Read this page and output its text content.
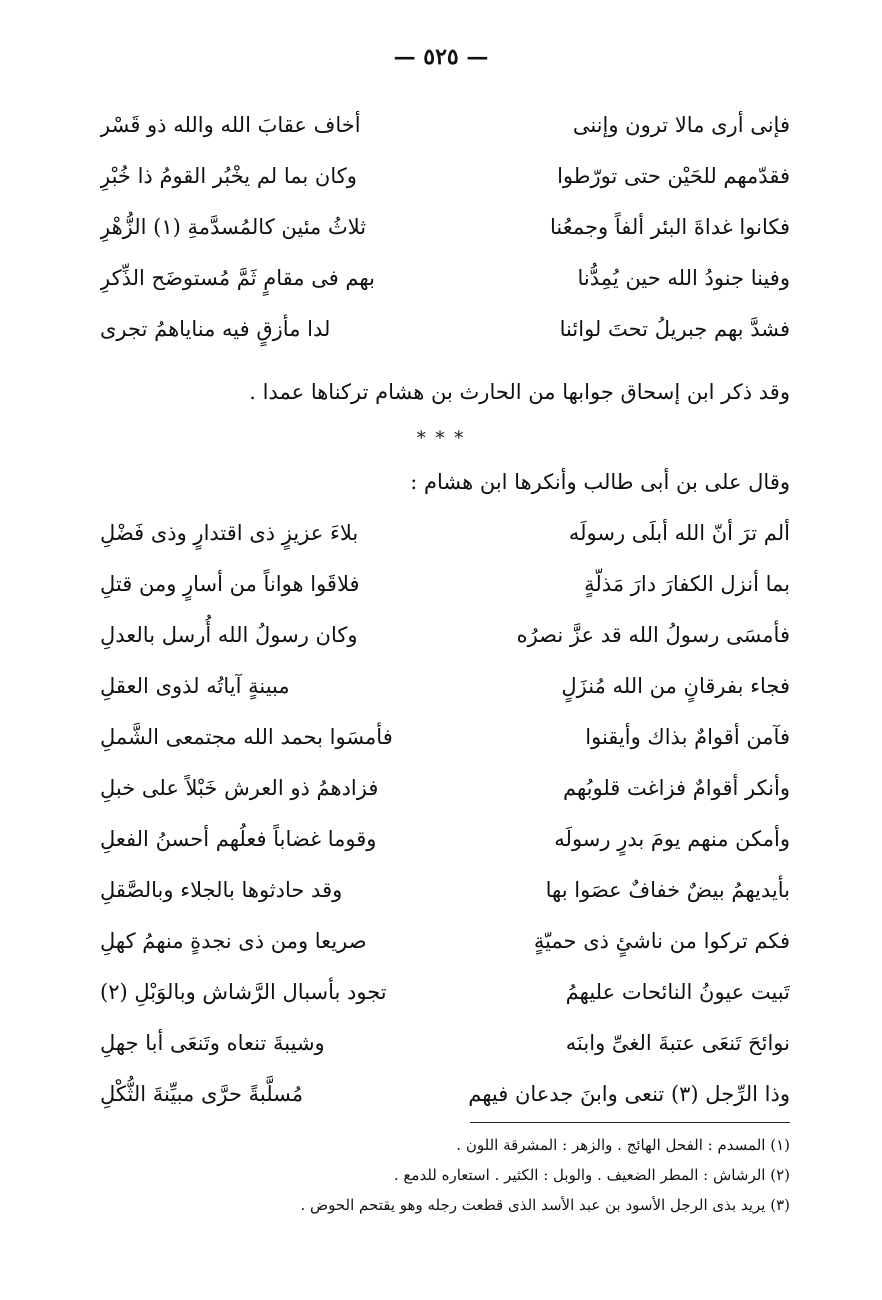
— ٥٢٥ —
فإنى أرى مالا ترون وإننى
أخاف عقابَ الله والله ذو قَسْر
فقدّمهم للحَيْن حتى تورّطوا
وكان بما لم يخْبُر القومُ ذا خُبْرِ
فكانوا غداةَ البئر ألفاً وجمعُنا
ثلاثُ مئين كالمُسدَّمةِ (١) الزُّهْرِ
وفينا جنودُ الله حين يُمِدُّنا
بهم فى مقامٍ ثَمَّ مُستوضَح الذِّكرِ
فشدَّ بهم جبريلُ تحتَ لوائنا
لدا مأزقٍ فيه مناياهمُ تجرى
وقد ذكر ابن إسحاق جوابها من الحارث بن هشام تركناها عمدا .
* * *
وقال على بن أبى طالب وأنكرها ابن هشام :
ألم ترَ أنّ الله أبلَى رسولَه
بلاءَ عزيزٍ ذى اقتدارٍ وذى فَضْلِ
بما أنزل الكفارَ دارَ مَذلّةٍ
فلاقَوا هواناً من أسارٍ ومن قتلِ
فأمسَى رسولُ الله قد عزَّ نصرُه
وكان رسولُ الله أُرسل بالعدلِ
فجاء بفرقانٍ من الله مُنزَلٍ
مبينةٍ آياتُه لذوى العقلِ
فآمن أقوامٌ بذاك وأيقنوا
فأمسَوا بحمد الله مجتمعى الشَّملِ
وأنكر أقوامٌ فزاغت قلوبُهم
فزادهمُ ذو العرش خَبْلاً على خبلِ
وأمكن منهم يومَ بدرٍ رسولَه
وقوما غضاباً فعلُهم أحسنُ الفعلِ
بأيديهمُ بيضٌ خفافٌ عصَوا بها
وقد حادثوها بالجلاء وبالصَّقلِ
فكم تركوا من ناشئٍ ذى حميّةٍ
صريعا ومن ذى نجدةٍ منهمُ كهلِ
تَبيت عيونُ النائحات عليهمُ
تجود بأسبال الرَّشاش وبالوَبْلِ (٢)
نوائحَ تَنعَى عتبةَ الغىِّ وابنَه
وشيبةَ تنعاه وتَنعَى أبا جهلِ
وذا الرِّجل (٣) تنعى وابنَ جدعان فيهم
مُسلَّبةً حرَّى مبيِّنةَ الثُّكْلِ
(١) المسدم : الفحل الهائج . والزهر : المشرقة اللون .
(٢) الرشاش : المطر الضعيف . والوبل : الكثير . استعاره للدمع .
(٣) يريد بذى الرجل الأسود بن عبد الأسد الذى قطعت رجله وهو يقتحم الحوض .
